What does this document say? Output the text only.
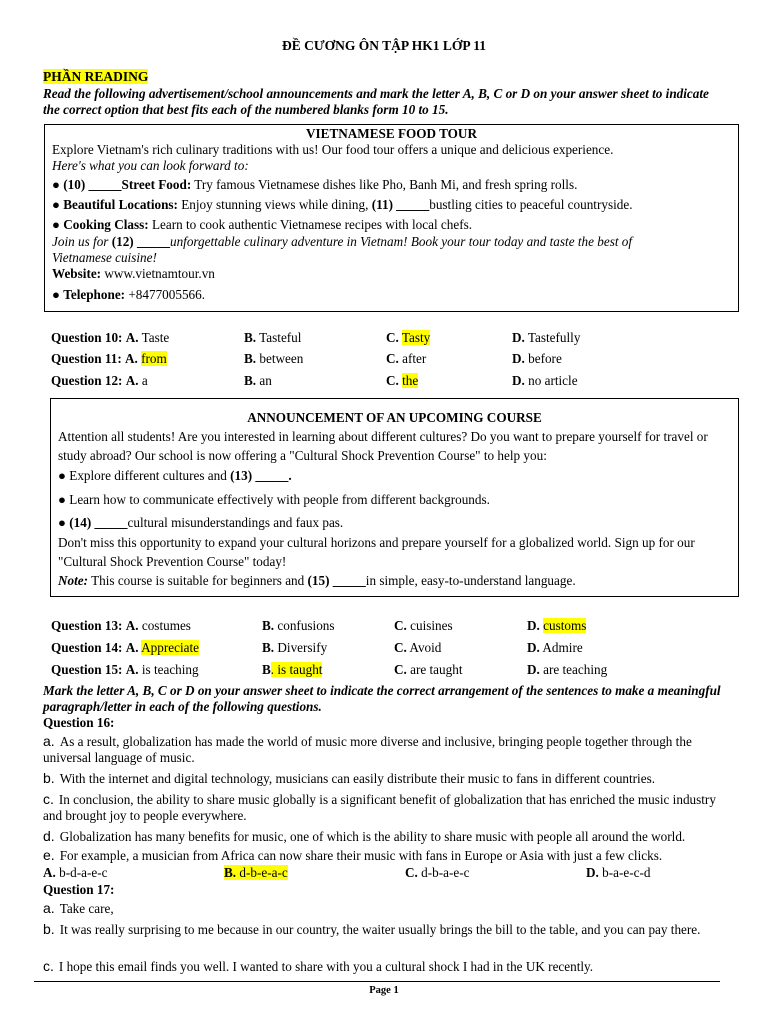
ĐỀ CƯƠNG ÔN TẬP HK1 LỚP 11
PHẦN READING
Read the following advertisement/school announcements and mark the letter A, B, C or D on your answer sheet to indicate the correct option that best fits each of the numbered blanks form 10 to 15.
VIETNAMESE FOOD TOUR
Explore Vietnam's rich culinary traditions with us! Our food tour offers a unique and delicious experience.
Here's what you can look forward to:
● (10) _____Street Food: Try famous Vietnamese dishes like Pho, Banh Mi, and fresh spring rolls.
● Beautiful Locations: Enjoy stunning views while dining, (11) _____bustling cities to peaceful countryside.
● Cooking Class: Learn to cook authentic Vietnamese recipes with local chefs.
Join us for (12) _____unforgettable culinary adventure in Vietnam! Book your tour today and taste the best of Vietnamese cuisine!
Website: www.vietnamtour.vn
● Telephone: +8477005566.
Question 10: A. Taste	B. Tasteful	C. Tasty	D. Tastefully
Question 11: A. from	B. between	C. after	D. before
Question 12: A. a	B. an	C. the	D. no article
ANNOUNCEMENT OF AN UPCOMING COURSE
Attention all students! Are you interested in learning about different cultures? Do you want to prepare yourself for travel or study abroad? Our school is now offering a "Cultural Shock Prevention Course" to help you:
● Explore different cultures and (13) _____.
● Learn how to communicate effectively with people from different backgrounds.
● (14) _____cultural misunderstandings and faux pas.
Don't miss this opportunity to expand your cultural horizons and prepare yourself for a globalized world. Sign up for our "Cultural Shock Prevention Course" today!
Note: This course is suitable for beginners and (15) _____in simple, easy-to-understand language.
Question 13: A. costumes	B. confusions	C. cuisines	D. customs
Question 14: A. Appreciate	B. Diversify	C. Avoid	D. Admire
Question 15: A. is teaching	B. is taught	C. are taught	D. are teaching
Mark the letter A, B, C or D on your answer sheet to indicate the correct arrangement of the sentences to make a meaningful paragraph/letter in each of the following questions.
Question 16:
a. As a result, globalization has made the world of music more diverse and inclusive, bringing people together through the universal language of music.
b. With the internet and digital technology, musicians can easily distribute their music to fans in different countries.
c. In conclusion, the ability to share music globally is a significant benefit of globalization that has enriched the music industry and brought joy to people everywhere.
d. Globalization has many benefits for music, one of which is the ability to share music with people all around the world.
e. For example, a musician from Africa can now share their music with fans in Europe or Asia with just a few clicks.
A. b-d-a-e-c	B. d-b-e-a-c	C. d-b-a-e-c	D. b-a-e-c-d
Question 17:
a. Take care,
b. It was really surprising to me because in our country, the waiter usually brings the bill to the table, and you can pay there.
c. I hope this email finds you well. I wanted to share with you a cultural shock I had in the UK recently.
Page 1
